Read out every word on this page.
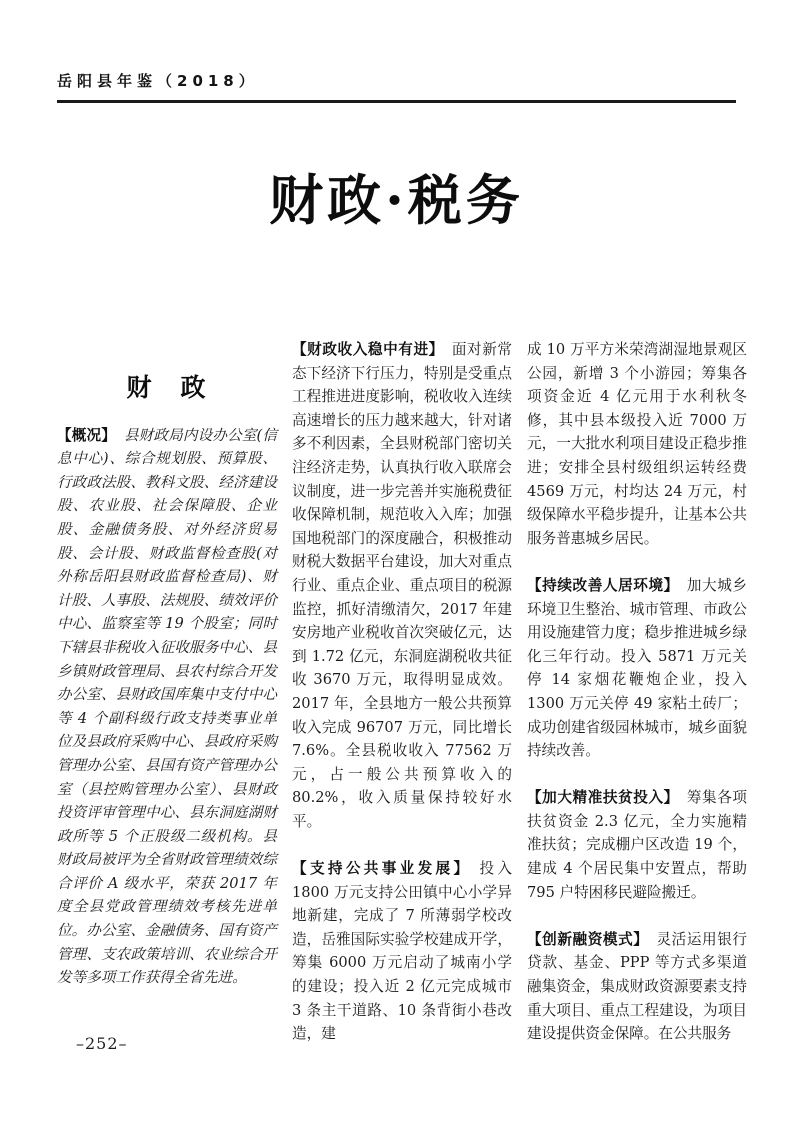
岳阳县年鉴（2018）
财政·税务
财　政

【概况】 县财政局内设办公室(信息中心)、综合规划股、预算股、行政政法股、教科文股、经济建设股、农业股、社会保障股、企业股、金融债务股、对外经济贸易股、会计股、财政监督检查股(对外称岳阳县财政监督检查局)、财计股、人事股、法规股、绩效评价中心、监察室等 19 个股室；同时下辖县非税收入征收服务中心、县乡镇财政管理局、县农村综合开发办公室、县财政国库集中支付中心等 4 个副科级行政支持类事业单位及县政府采购中心、县政府采购管理办公室、县国有资产管理办公室（县控购管理办公室）、县财政投资评审管理中心、县东洞庭湖财政所等 5 个正股级二级机构。县财政局被评为全省财政管理绩效综合评价 A 级水平，荣获 2017 年度全县党政管理绩效考核先进单位。办公室、金融债务、国有资产管理、支农政策培训、农业综合开发等多项工作获得全省先进。

【财政收入稳中有进】 面对新常态下经济下行压力，特别是受重点工程推进进度影响，税收收入连续高速增长的压力越来越大，针对诸多不利因素，全县财税部门密切关注经济走势，认真执行收入联席会议制度，进一步完善并实施税费征收保障机制，规范收入入库；加强国地税部门的深度融合，积极推动财税大数据平台建设，加大对重点行业、重点企业、重点项目的税源监控，抓好清缴清欠，2017 年建安房地产业税收首次突破亿元，达到 1.72 亿元，东洞庭湖税收共征收 3670 万元，取得明显成效。2017 年，全县地方一般公共预算收入完成 96707 万元，同比增长 7.6%。全县税收收入 77562 万元，占一般公共预算收入的 80.2%，收入质量保持较好水平。

【支持公共事业发展】 投入 1800 万元支持公田镇中心小学异地新建，完成了 7 所薄弱学校改造，岳雅国际实验学校建成开学，筹集 6000 万元启动了城南小学的建设；投入近 2 亿元完成城市 3 条主干道路、10 条背街小巷改造，建

成 10 万平方米荣湾湖湿地景观区公园，新增 3 个小游园；筹集各项资金近 4 亿元用于水利秋冬修，其中县本级投入近 7000 万元，一大批水利项目建设正稳步推进；安排全县村级组织运转经费 4569 万元，村均达 24 万元，村级保障水平稳步提升，让基本公共服务普惠城乡居民。

【持续改善人居环境】 加大城乡环境卫生整治、城市管理、市政公用设施建管力度；稳步推进城乡绿化三年行动。投入 5871 万元关停 14 家烟花鞭炮企业，投入 1300 万元关停 49 家粘土砖厂；成功创建省级园林城市，城乡面貌持续改善。

【加大精准扶贫投入】 筹集各项扶贫资金 2.3 亿元，全力实施精准扶贫；完成棚户区改造 19 个，建成 4 个居民集中安置点，帮助 795 户特困移民避险搬迁。

【创新融资模式】 灵活运用银行贷款、基金、PPP 等方式多渠道融集资金，集成财政资源要素支持重大项目、重点工程建设，为项目建设提供资金保障。在公共服务

–252–
